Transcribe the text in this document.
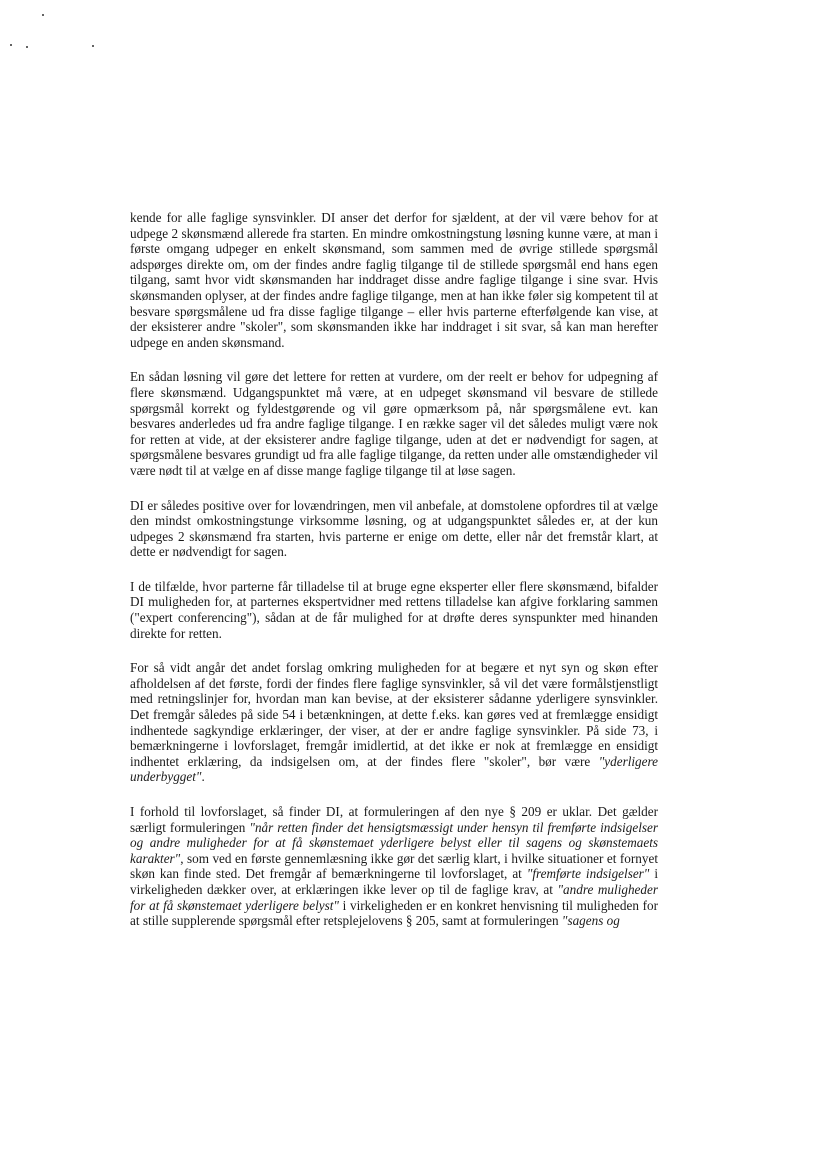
kende for alle faglige synsvinkler. DI anser det derfor for sjældent, at der vil være behov for at udpege 2 skønsmænd allerede fra starten. En mindre omkostningstung løsning kunne være, at man i første omgang udpeger en enkelt skønsmand, som sammen med de øvrige stillede spørgsmål adspørges direkte om, om der findes andre faglig tilgange til de stillede spørgsmål end hans egen tilgang, samt hvor vidt skønsmanden har inddraget disse andre faglige tilgange i sine svar. Hvis skønsmanden oplyser, at der findes andre faglige tilgange, men at han ikke føler sig kompetent til at besvare spørgsmålene ud fra disse faglige tilgange – eller hvis parterne efterfølgende kan vise, at der eksisterer andre "skoler", som skønsmanden ikke har inddraget i sit svar, så kan man herefter udpege en anden skønsmand.

En sådan løsning vil gøre det lettere for retten at vurdere, om der reelt er behov for udpegning af flere skønsmænd. Udgangspunktet må være, at en udpeget skønsmand vil besvare de stillede spørgsmål korrekt og fyldestgørende og vil gøre opmærksom på, når spørgsmålene evt. kan besvares anderledes ud fra andre faglige tilgange. I en række sager vil det således muligt være nok for retten at vide, at der eksisterer andre faglige tilgange, uden at det er nødvendigt for sagen, at spørgsmålene besvares grundigt ud fra alle faglige tilgange, da retten under alle omstændigheder vil være nødt til at vælge en af disse mange faglige tilgange til at løse sagen.

DI er således positive over for lovændringen, men vil anbefale, at domstolene opfordres til at vælge den mindst omkostningstunge virksomme løsning, og at udgangspunktet således er, at der kun udpeges 2 skønsmænd fra starten, hvis parterne er enige om dette, eller når det fremstår klart, at dette er nødvendigt for sagen.

I de tilfælde, hvor parterne får tilladelse til at bruge egne eksperter eller flere skønsmænd, bifalder DI muligheden for, at parternes ekspertvidner med rettens tilladelse kan afgive forklaring sammen ("expert conferencing"), sådan at de får mulighed for at drøfte deres synspunkter med hinanden direkte for retten.

For så vidt angår det andet forslag omkring muligheden for at begære et nyt syn og skøn efter afholdelsen af det første, fordi der findes flere faglige synsvinkler, så vil det være formålstjenstligt med retningslinjer for, hvordan man kan bevise, at der eksisterer sådanne yderligere synsvinkler. Det fremgår således på side 54 i betænkningen, at dette f.eks. kan gøres ved at fremlægge ensidigt indhentede sagkyndige erklæringer, der viser, at der er andre faglige synsvinkler. På side 73, i bemærkningerne i lovforslaget, fremgår imidlertid, at det ikke er nok at fremlægge en ensidigt indhentet erklæring, da indsigelsen om, at der findes flere "skoler", bør være "yderligere underbygget".

I forhold til lovforslaget, så finder DI, at formuleringen af den nye § 209 er uklar. Det gælder særligt formuleringen "når retten finder det hensigtsmæssigt under hensyn til fremførte indsigelser og andre muligheder for at få skønstemaet yderligere belyst eller til sagens og skønstemaets karakter", som ved en første gennemlæsning ikke gør det særlig klart, i hvilke situationer et fornyet skøn kan finde sted. Det fremgår af bemærkningerne til lovforslaget, at "fremførte indsigelser" i virkeligheden dækker over, at erklæringen ikke lever op til de faglige krav, at "andre muligheder for at få skønstemaet yderligere belyst" i virkeligheden er en konkret henvisning til muligheden for at stille supplerende spørgsmål efter retsplejelovens § 205, samt at formuleringen "sagens og
